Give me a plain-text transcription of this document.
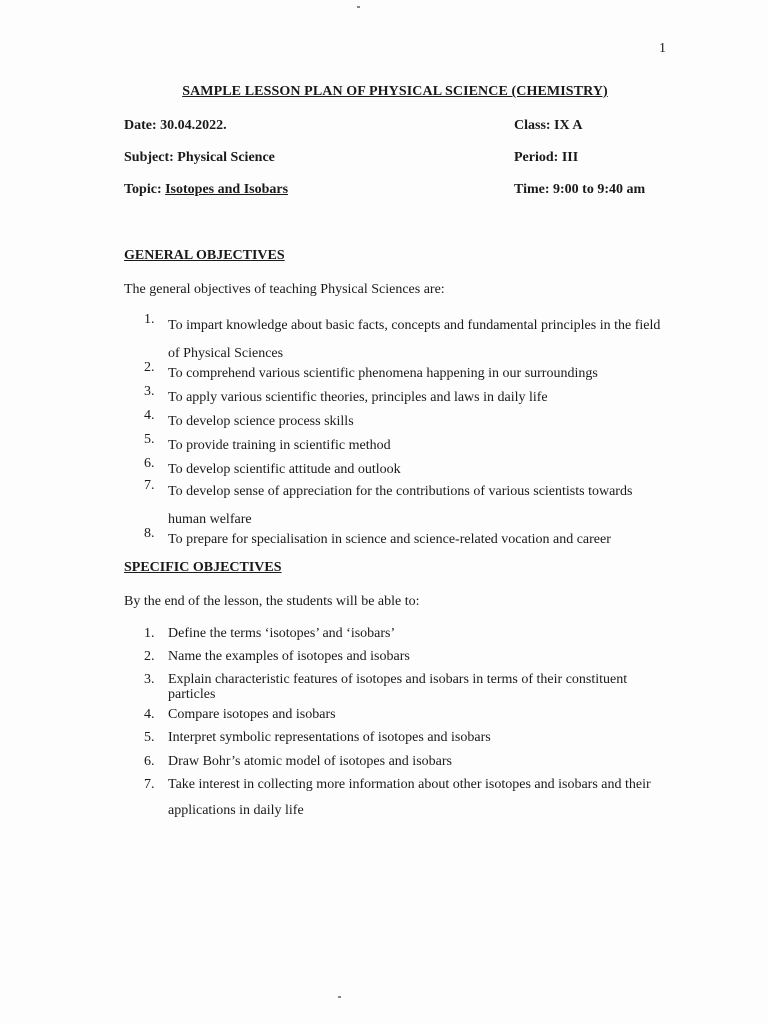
1
SAMPLE LESSON PLAN OF PHYSICAL SCIENCE (CHEMISTRY)
Date: 30.04.2022.	Class: IX A
Subject: Physical Science	Period: III
Topic: Isotopes and Isobars	Time: 9:00 to 9:40 am
GENERAL OBJECTIVES
The general objectives of teaching Physical Sciences are:
1. To impart knowledge about basic facts, concepts and fundamental principles in the field of Physical Sciences
2. To comprehend various scientific phenomena happening in our surroundings
3. To apply various scientific theories, principles and laws in daily life
4. To develop science process skills
5. To provide training in scientific method
6. To develop scientific attitude and outlook
7. To develop sense of appreciation for the contributions of various scientists towards human welfare
8. To prepare for specialisation in science and science-related vocation and career
SPECIFIC OBJECTIVES
By the end of the lesson, the students will be able to:
1. Define the terms ‘isotopes’ and ‘isobars’
2. Name the examples of isotopes and isobars
3. Explain characteristic features of isotopes and isobars in terms of their constituent particles
4. Compare isotopes and isobars
5. Interpret symbolic representations of isotopes and isobars
6. Draw Bohr’s atomic model of isotopes and isobars
7. Take interest in collecting more information about other isotopes and isobars and their applications in daily life
